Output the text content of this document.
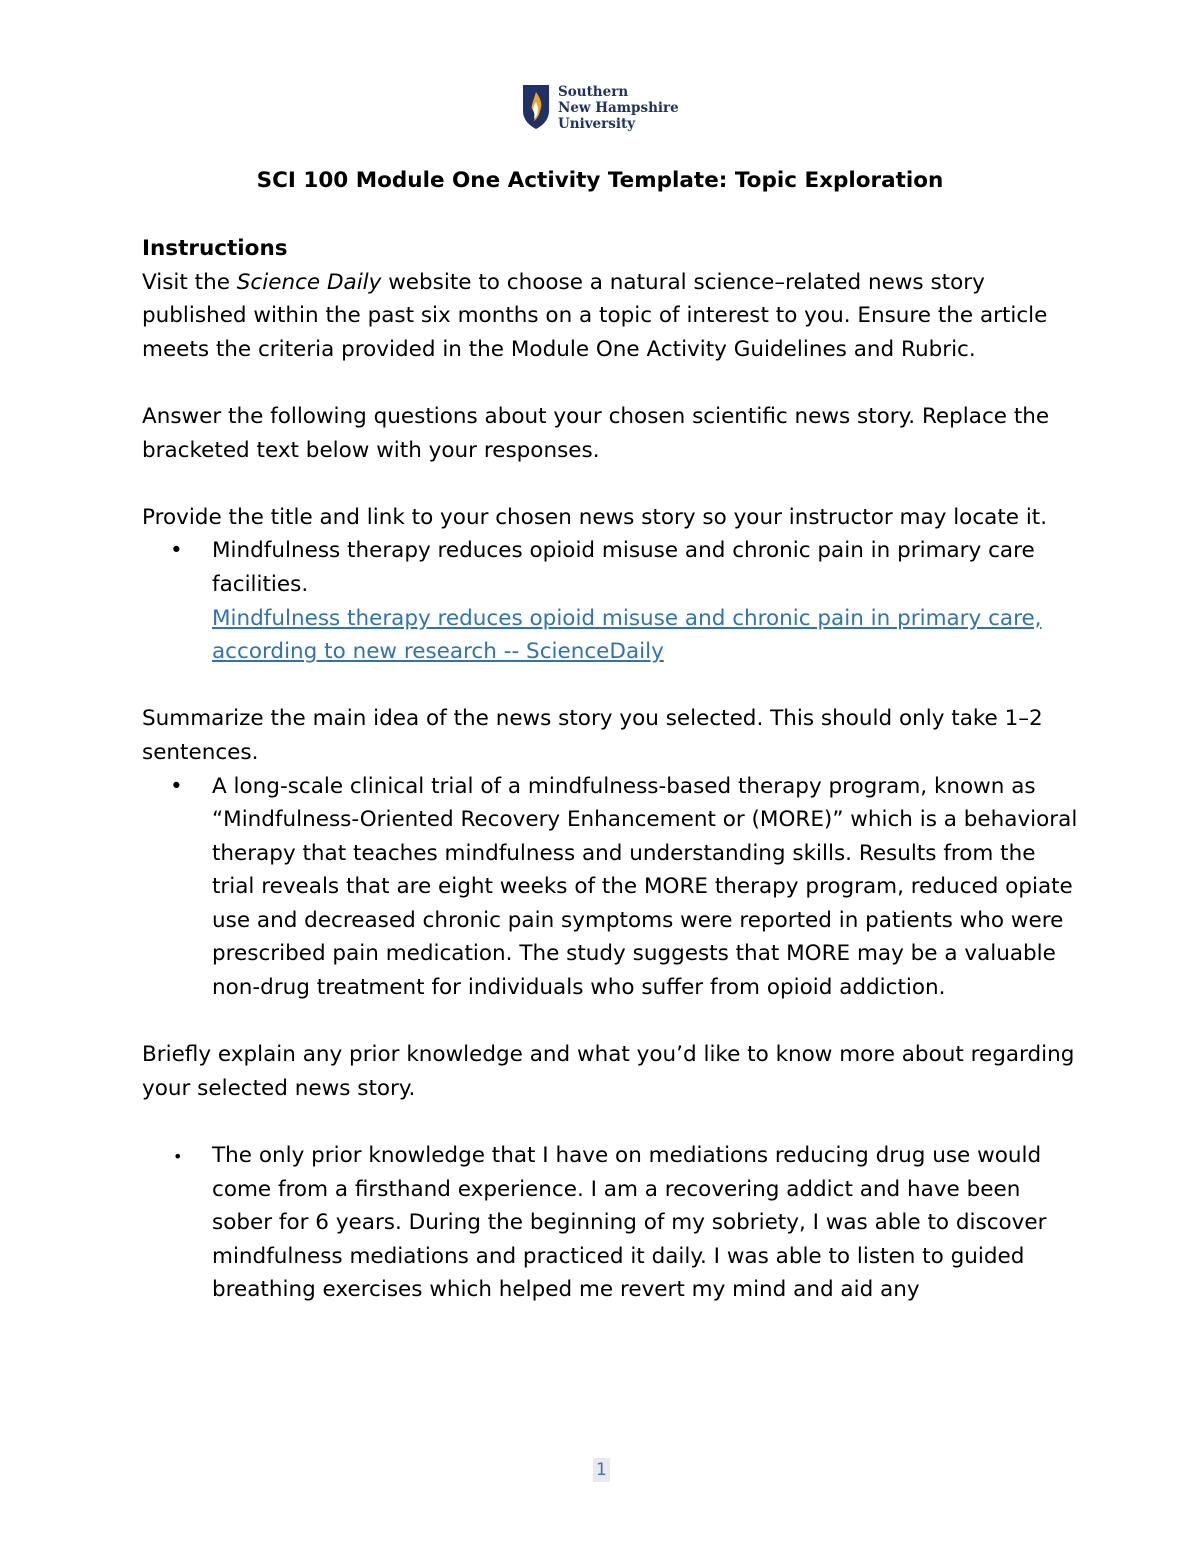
Southern
New Hampshire
University
SCI 100 Module One Activity Template: Topic Exploration

Instructions

Visit the Science Daily website to choose a natural science–related news story published within the past six months on a topic of interest to you. Ensure the article meets the criteria provided in the Module One Activity Guidelines and Rubric.

Answer the following questions about your chosen scientific news story. Replace the bracketed text below with your responses.

Provide the title and link to your chosen news story so your instructor may locate it.

• Mindfulness therapy reduces opioid misuse and chronic pain in primary care facilities.
Mindfulness therapy reduces opioid misuse and chronic pain in primary care, according to new research -- ScienceDaily

Summarize the main idea of the news story you selected. This should only take 1–2 sentences.

• A long-scale clinical trial of a mindfulness-based therapy program, known as “Mindfulness-Oriented Recovery Enhancement or (MORE)” which is a behavioral therapy that teaches mindfulness and understanding skills. Results from the trial reveals that are eight weeks of the MORE therapy program, reduced opiate use and decreased chronic pain symptoms were reported in patients who were prescribed pain medication. The study suggests that MORE may be a valuable non-drug treatment for individuals who suffer from opioid addiction.

Briefly explain any prior knowledge and what you’d like to know more about regarding your selected news story.

• The only prior knowledge that I have on mediations reducing drug use would come from a firsthand experience. I am a recovering addict and have been sober for 6 years. During the beginning of my sobriety, I was able to discover mindfulness mediations and practiced it daily. I was able to listen to guided breathing exercises which helped me revert my mind and aid any
1
